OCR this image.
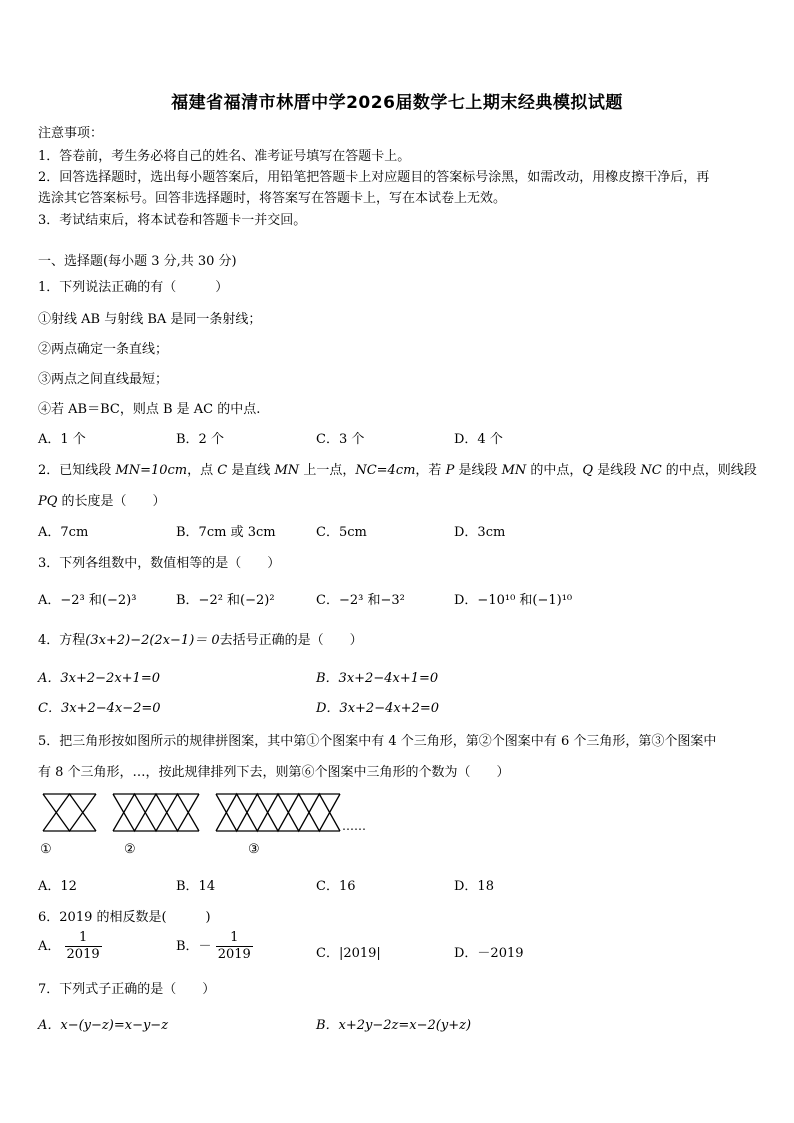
福建省福清市林厝中学2026届数学七上期末经典模拟试题
注意事项：
1．答卷前，考生务必将自己的姓名、准考证号填写在答题卡上。
2．回答选择题时，选出每小题答案后，用铅笔把答题卡上对应题目的答案标号涂黑，如需改动，用橡皮擦干净后，再
选涂其它答案标号。回答非选择题时，将答案写在答题卡上，写在本试卷上无效。
3．考试结束后，将本试卷和答题卡一并交回。
一、选择题(每小题 3 分,共 30 分)
1．下列说法正确的有（　　　）
①射线 AB 与射线 BA 是同一条射线；
②两点确定一条直线；
③两点之间直线最短；
④若 AB＝BC，则点 B 是 AC 的中点.
A．1 个	B．2 个	C．3 个	D．4 个
2．已知线段 MN=10cm，点 C 是直线 MN 上一点，NC=4cm，若 P 是线段 MN 的中点，Q 是线段 NC 的中点，则线段
PQ 的长度是（　　）
A．7cm	B．7cm 或 3cm	C．5cm	D．3cm
3．下列各组数中，数值相等的是（　　）
A．−2³ 和(−2)³	B．−2² 和(−2)²	C．−2³ 和−3²	D．−10¹⁰ 和(−1)¹⁰
4．方程(3x+2)−2(2x−1)＝ 0去括号正确的是（　　）
A．3x+2−2x+1=0	B．3x+2−4x+1=0
C．3x+2−4x−2=0	D．3x+2−4x+2=0
5．把三角形按如图所示的规律拼图案，其中第①个图案中有 4 个三角形，第②个图案中有 6 个三角形，第③个图案中
有 8 个三角形，…，按此规律排列下去，则第⑥个图案中三角形的个数为（　　）
……
①	②	③
A．12	B．14	C．16	D．18
6．2019 的相反数是(　　　)
A． $\frac{1}{2019}$	B．－ $\frac{1}{2019}$	C．|2019|	D．－2019
7．下列式子正确的是（　　）
A．x−(y−z)=x−y−z	B．x+2y−2z=x−2(y+z)
